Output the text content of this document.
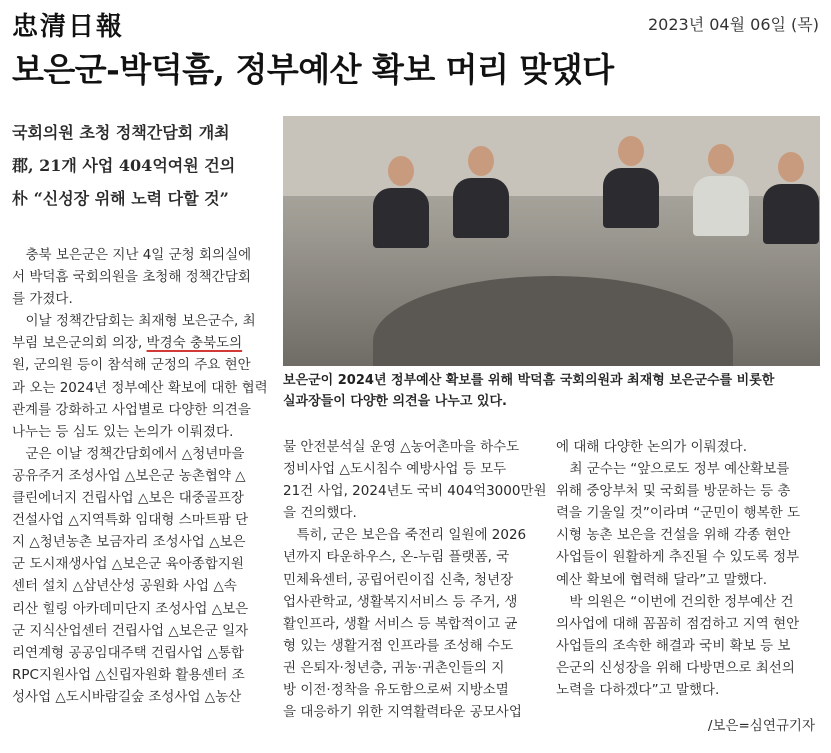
忠清日報	2023년 04월 06일 (목)
보은군-박덕흠, 정부예산 확보 머리 맞댔다
국회의원 초청 정책간담회 개최
郡, 21개 사업 404억여원 건의
朴 “신성장 위해 노력 다할 것”
보은군이 2024년 정부예산 확보를 위해 박덕흠 국회의원과 최재형 보은군수를 비롯한
실과장들이 다양한 의견을 나누고 있다.
　충북 보은군은 지난 4일 군청 회의실에
서 박덕흠 국회의원을 초청해 정책간담회
를 가졌다.
　이날 정책간담회는 최재형 보은군수, 최
부림 보은군의회 의장, 박경숙 충북도의
원, 군의원 등이 참석해 군정의 주요 현안
과 오는 2024년 정부예산 확보에 대한 협력
관계를 강화하고 사업별로 다양한 의견을
나누는 등 심도 있는 논의가 이뤄졌다.
　군은 이날 정책간담회에서 △청년마을
공유주거 조성사업 △보은군 농촌협약 △
클린에너지 건립사업 △보은 대중골프장
건설사업 △지역특화 임대형 스마트팜 단
지 △청년농촌 보금자리 조성사업 △보은
군 도시재생사업 △보은군 육아종합지원
센터 설치 △삼년산성 공원화 사업 △속
리산 힐링 아카데미단지 조성사업 △보은
군 지식산업센터 건립사업 △보은군 일자
리연계형 공공임대주택 건립사업 △통합
RPC지원사업 △신립자원화 활용센터 조
성사업 △도시바람길숲 조성사업 △농산
물 안전분석실 운영 △농어촌마을 하수도
정비사업 △도시침수 예방사업 등 모두
21건 사업, 2024년도 국비 404억3000만원
을 건의했다.
　특히, 군은 보은읍 죽전리 일원에 2026
년까지 타운하우스, 온-누림 플랫폼, 국
민체육센터, 공립어린이집 신축, 청년장
업사관학교, 생활복지서비스 등 주거, 생
활인프라, 생활 서비스 등 복합적이고 균
형 있는 생활거점 인프라를 조성해 수도
권 은퇴자·청년층, 귀농·귀촌인들의 지
방 이전·정착을 유도함으로써 지방소멸
을 대응하기 위한 지역활력타운 공모사업
에 대해 다양한 논의가 이뤄졌다.
　최 군수는 “앞으로도 정부 예산확보를
위해 중앙부처 및 국회를 방문하는 등 총
력을 기울일 것”이라며 “군민이 행복한 도
시형 농촌 보은을 건설을 위해 각종 현안
사업들이 원활하게 추진될 수 있도록 정부
예산 확보에 협력해 달라”고 말했다.
　박 의원은 “이번에 건의한 정부예산 건
의사업에 대해 꼼꼼히 점검하고 지역 현안
사업들의 조속한 해결과 국비 확보 등 보
은군의 신성장을 위해 다방면으로 최선의
노력을 다하겠다”고 말했다.
/보은=심연규기자
